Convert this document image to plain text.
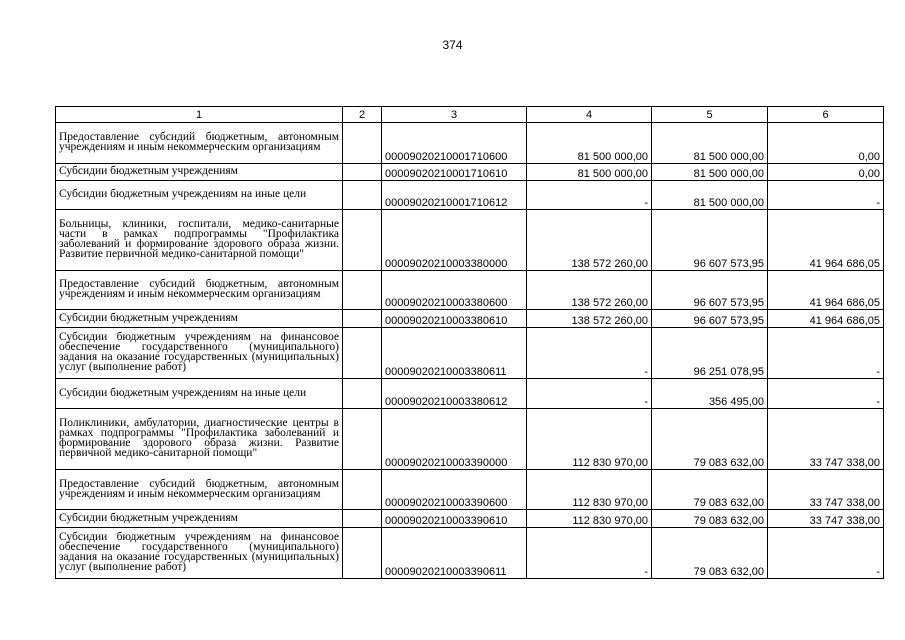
374
1	2	3	4	5	6
Предоставление субсидий бюджетным, автономным учреждениям и иным некоммерческим организациям		00009020210001710600	81 500 000,00	81 500 000,00	0,00
Субсидии бюджетным учреждениям		00009020210001710610	81 500 000,00	81 500 000,00	0,00
Субсидии бюджетным учреждениям на иные цели		00009020210001710612	-	81 500 000,00	-
Больницы, клиники, госпитали, медико-санитарные части в рамках подпрограммы "Профилактика заболеваний и формирование здорового образа жизни. Развитие первичной медико-санитарной помощи"		00009020210003380000	138 572 260,00	96 607 573,95	41 964 686,05
Предоставление субсидий бюджетным, автономным учреждениям и иным некоммерческим организациям		00009020210003380600	138 572 260,00	96 607 573,95	41 964 686,05
Субсидии бюджетным учреждениям		00009020210003380610	138 572 260,00	96 607 573,95	41 964 686,05
Субсидии бюджетным учреждениям на финансовое обеспечение государственного (муниципального) задания на оказание государственных (муниципальных) услуг (выполнение работ)		00009020210003380611	-	96 251 078,95	-
Субсидии бюджетным учреждениям на иные цели		00009020210003380612	-	356 495,00	-
Поликлиники, амбулатории, диагностические центры в рамках подпрограммы "Профилактика заболеваний и формирование здорового образа жизни. Развитие первичной медико-санитарной помощи"		00009020210003390000	112 830 970,00	79 083 632,00	33 747 338,00
Предоставление субсидий бюджетным, автономным учреждениям и иным некоммерческим организациям		00009020210003390600	112 830 970,00	79 083 632,00	33 747 338,00
Субсидии бюджетным учреждениям		00009020210003390610	112 830 970,00	79 083 632,00	33 747 338,00
Субсидии бюджетным учреждениям на финансовое обеспечение государственного (муниципального) задания на оказание государственных (муниципальных) услуг (выполнение работ)		00009020210003390611	-	79 083 632,00	-
